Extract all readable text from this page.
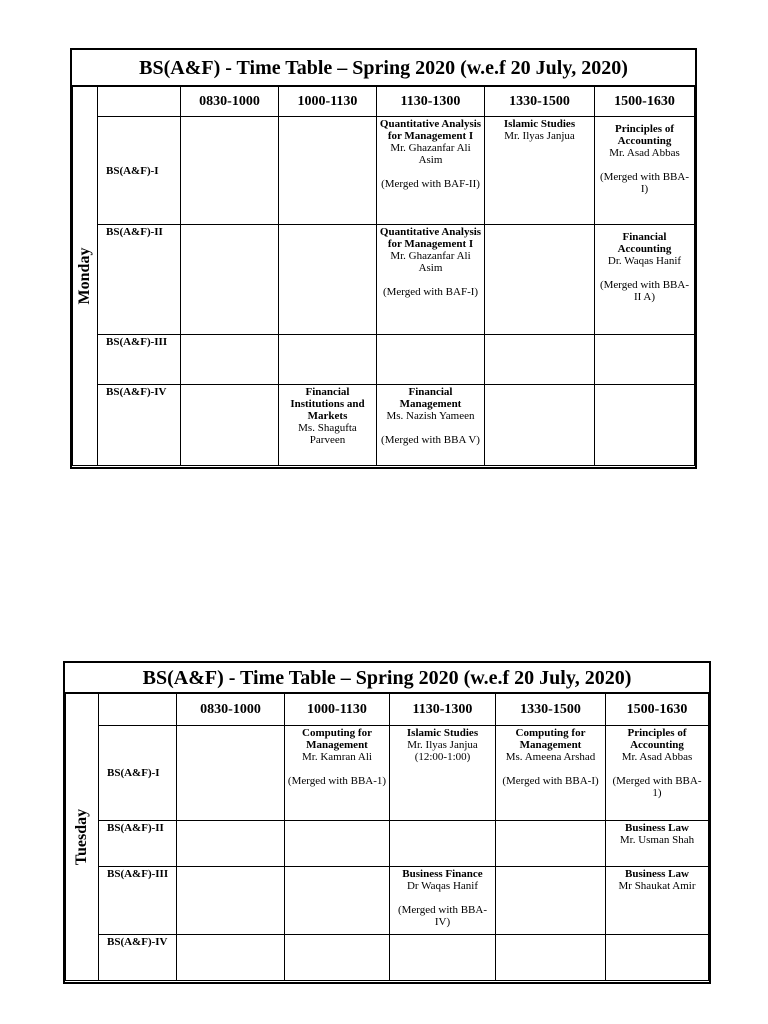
BS(A&F) - Time Table – Spring 2020 (w.e.f 20 July, 2020)
Monday		0830-1000	1000-1130	1130-1300	1330-1500	1500-1630
	BS(A&F)-I			Quantitative Analysis for Management I
Mr. Ghazanfar Ali Asim
(Merged with BAF-II)	Islamic Studies
Mr. Ilyas Janjua	Principles of Accounting
Mr. Asad Abbas
(Merged with BBA-I)

	BS(A&F)-II			Quantitative Analysis for Management I
Mr. Ghazanfar Ali Asim
(Merged with BAF-I)		Financial Accounting
Dr. Waqas Hanif
(Merged with BBA-II A)

	BS(A&F)-III					
	BS(A&F)-IV		Financial Institutions and Markets
Ms. Shagufta Parveen	Financial Management
Ms. Nazish Yameen
(Merged with BBA V)		

BS(A&F) - Time Table – Spring 2020 (w.e.f 20 July, 2020)
Tuesday		0830-1000	1000-1130	1130-1300	1330-1500	1500-1630
	BS(A&F)-I		Computing for Management
Mr. Kamran Ali
(Merged with BBA-1)	Islamic Studies
Mr. Ilyas Janjua
(12:00-1:00)	Computing for Management
Ms. Ameena Arshad
(Merged with BBA-I)	Principles of Accounting
Mr. Asad Abbas
(Merged with BBA-1)

	BS(A&F)-II					Business Law
Mr. Usman Shah

	BS(A&F)-III			Business Finance
Dr Waqas Hanif
(Merged with BBA-IV)		Business Law
Mr Shaukat Amir

	BS(A&F)-IV					
